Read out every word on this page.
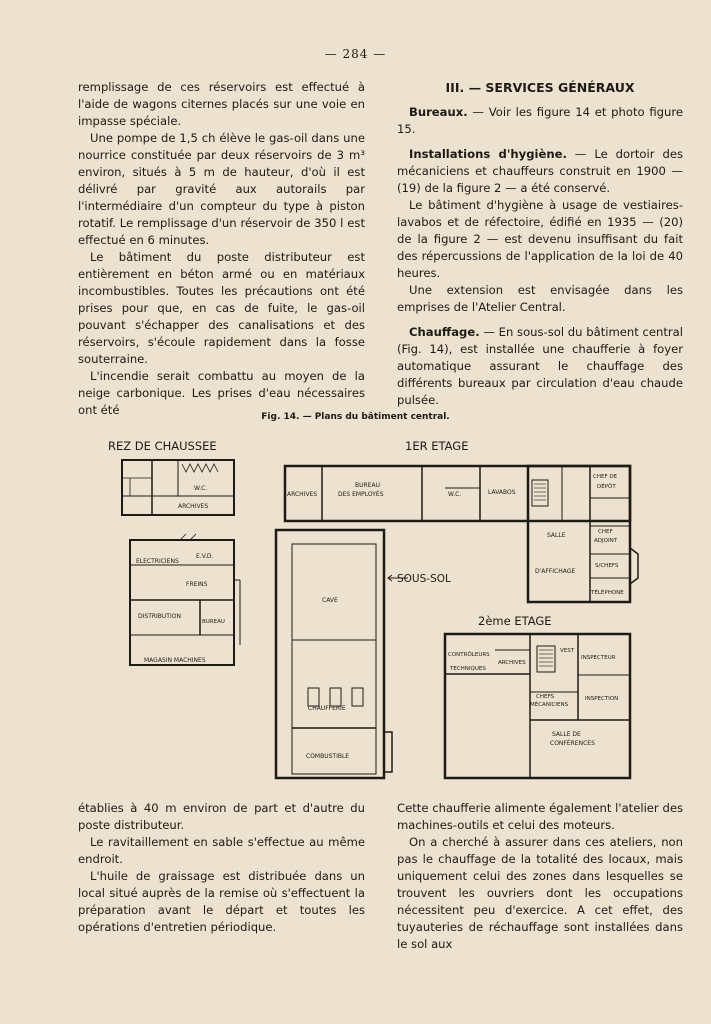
— 284 —

remplissage de ces réservoirs est effectué à l'aide de wagons citernes placés sur une voie en impasse spéciale.

Une pompe de 1,5 ch élève le gas-oil dans une nourrice constituée par deux réservoirs de 3 m³ environ, situés à 5 m de hauteur, d'où il est délivré par gravité aux autorails par l'intermédiaire d'un compteur du type à piston rotatif. Le remplissage d'un réservoir de 350 l est effectué en 6 minutes.

Le bâtiment du poste distributeur est entièrement en béton armé ou en matériaux incombustibles. Toutes les précautions ont été prises pour que, en cas de fuite, le gas-oil pouvant s'échapper des canalisations et des réservoirs, s'écoule rapidement dans la fosse souterraine.

L'incendie serait combattu au moyen de la neige carbonique. Les prises d'eau nécessaires ont été

III. — SERVICES GÉNÉRAUX

Bureaux. — Voir les figure 14 et photo figure 15.

Installations d'hygiène. — Le dortoir des mécaniciens et chauffeurs construit en 1900 — (19) de la figure 2 — a été conservé.

Le bâtiment d'hygiène à usage de vestiaires-lavabos et de réfectoire, édifié en 1935 — (20) de la figure 2 — est devenu insuffisant du fait des répercussions de l'application de la loi de 40 heures.

Une extension est envisagée dans les emprises de l'Atelier Central.

Chauffage. — En sous-sol du bâtiment central (Fig. 14), est installée une chaufferie à foyer automatique assurant le chauffage des différents bureaux par circulation d'eau chaude pulsée.

Fig. 14. — Plans du bâtiment central.
REZ DE CHAUSSEE	1ER ETAGE
SOUS-SOL
2ème ETAGE
W.C.
ARCHIVES
E.V.D.
ELECTRICIENS
FREINS
DISTRIBUTION
BUREAU
MAGASIN MACHINES
ARCHIVES
BUREAU
DES EMPLOYÉS	W.C.	LAVABOS
CHEF DE
DÉPÔT
SALLE	CHEF
ADJOINT
D'AFFICHAGE
S/CHEFS
TÉLÉPHONE
CAVE
CHAUFFERIE
COMBUSTIBLE
CONTRÔLEURS
TECHNIQUES
ARCHIVES
VEST
INSPECTEUR
CHEFS
MÉCANICIENS
INSPECTION
SALLE DE
CONFÉRENCES

établies à 40 m environ de part et d'autre du poste distributeur.

Le ravitaillement en sable s'effectue au même endroit.

L'huile de graissage est distribuée dans un local situé auprès de la remise où s'effectuent la préparation avant le départ et toutes les opérations d'entretien périodique.

Cette chaufferie alimente également l'atelier des machines-outils et celui des moteurs.

On a cherché à assurer dans ces ateliers, non pas le chauffage de la totalité des locaux, mais uniquement celui des zones dans lesquelles se trouvent les ouvriers dont les occupations nécessitent peu d'exercice. A cet effet, des tuyauteries de réchauffage sont installées dans le sol aux
